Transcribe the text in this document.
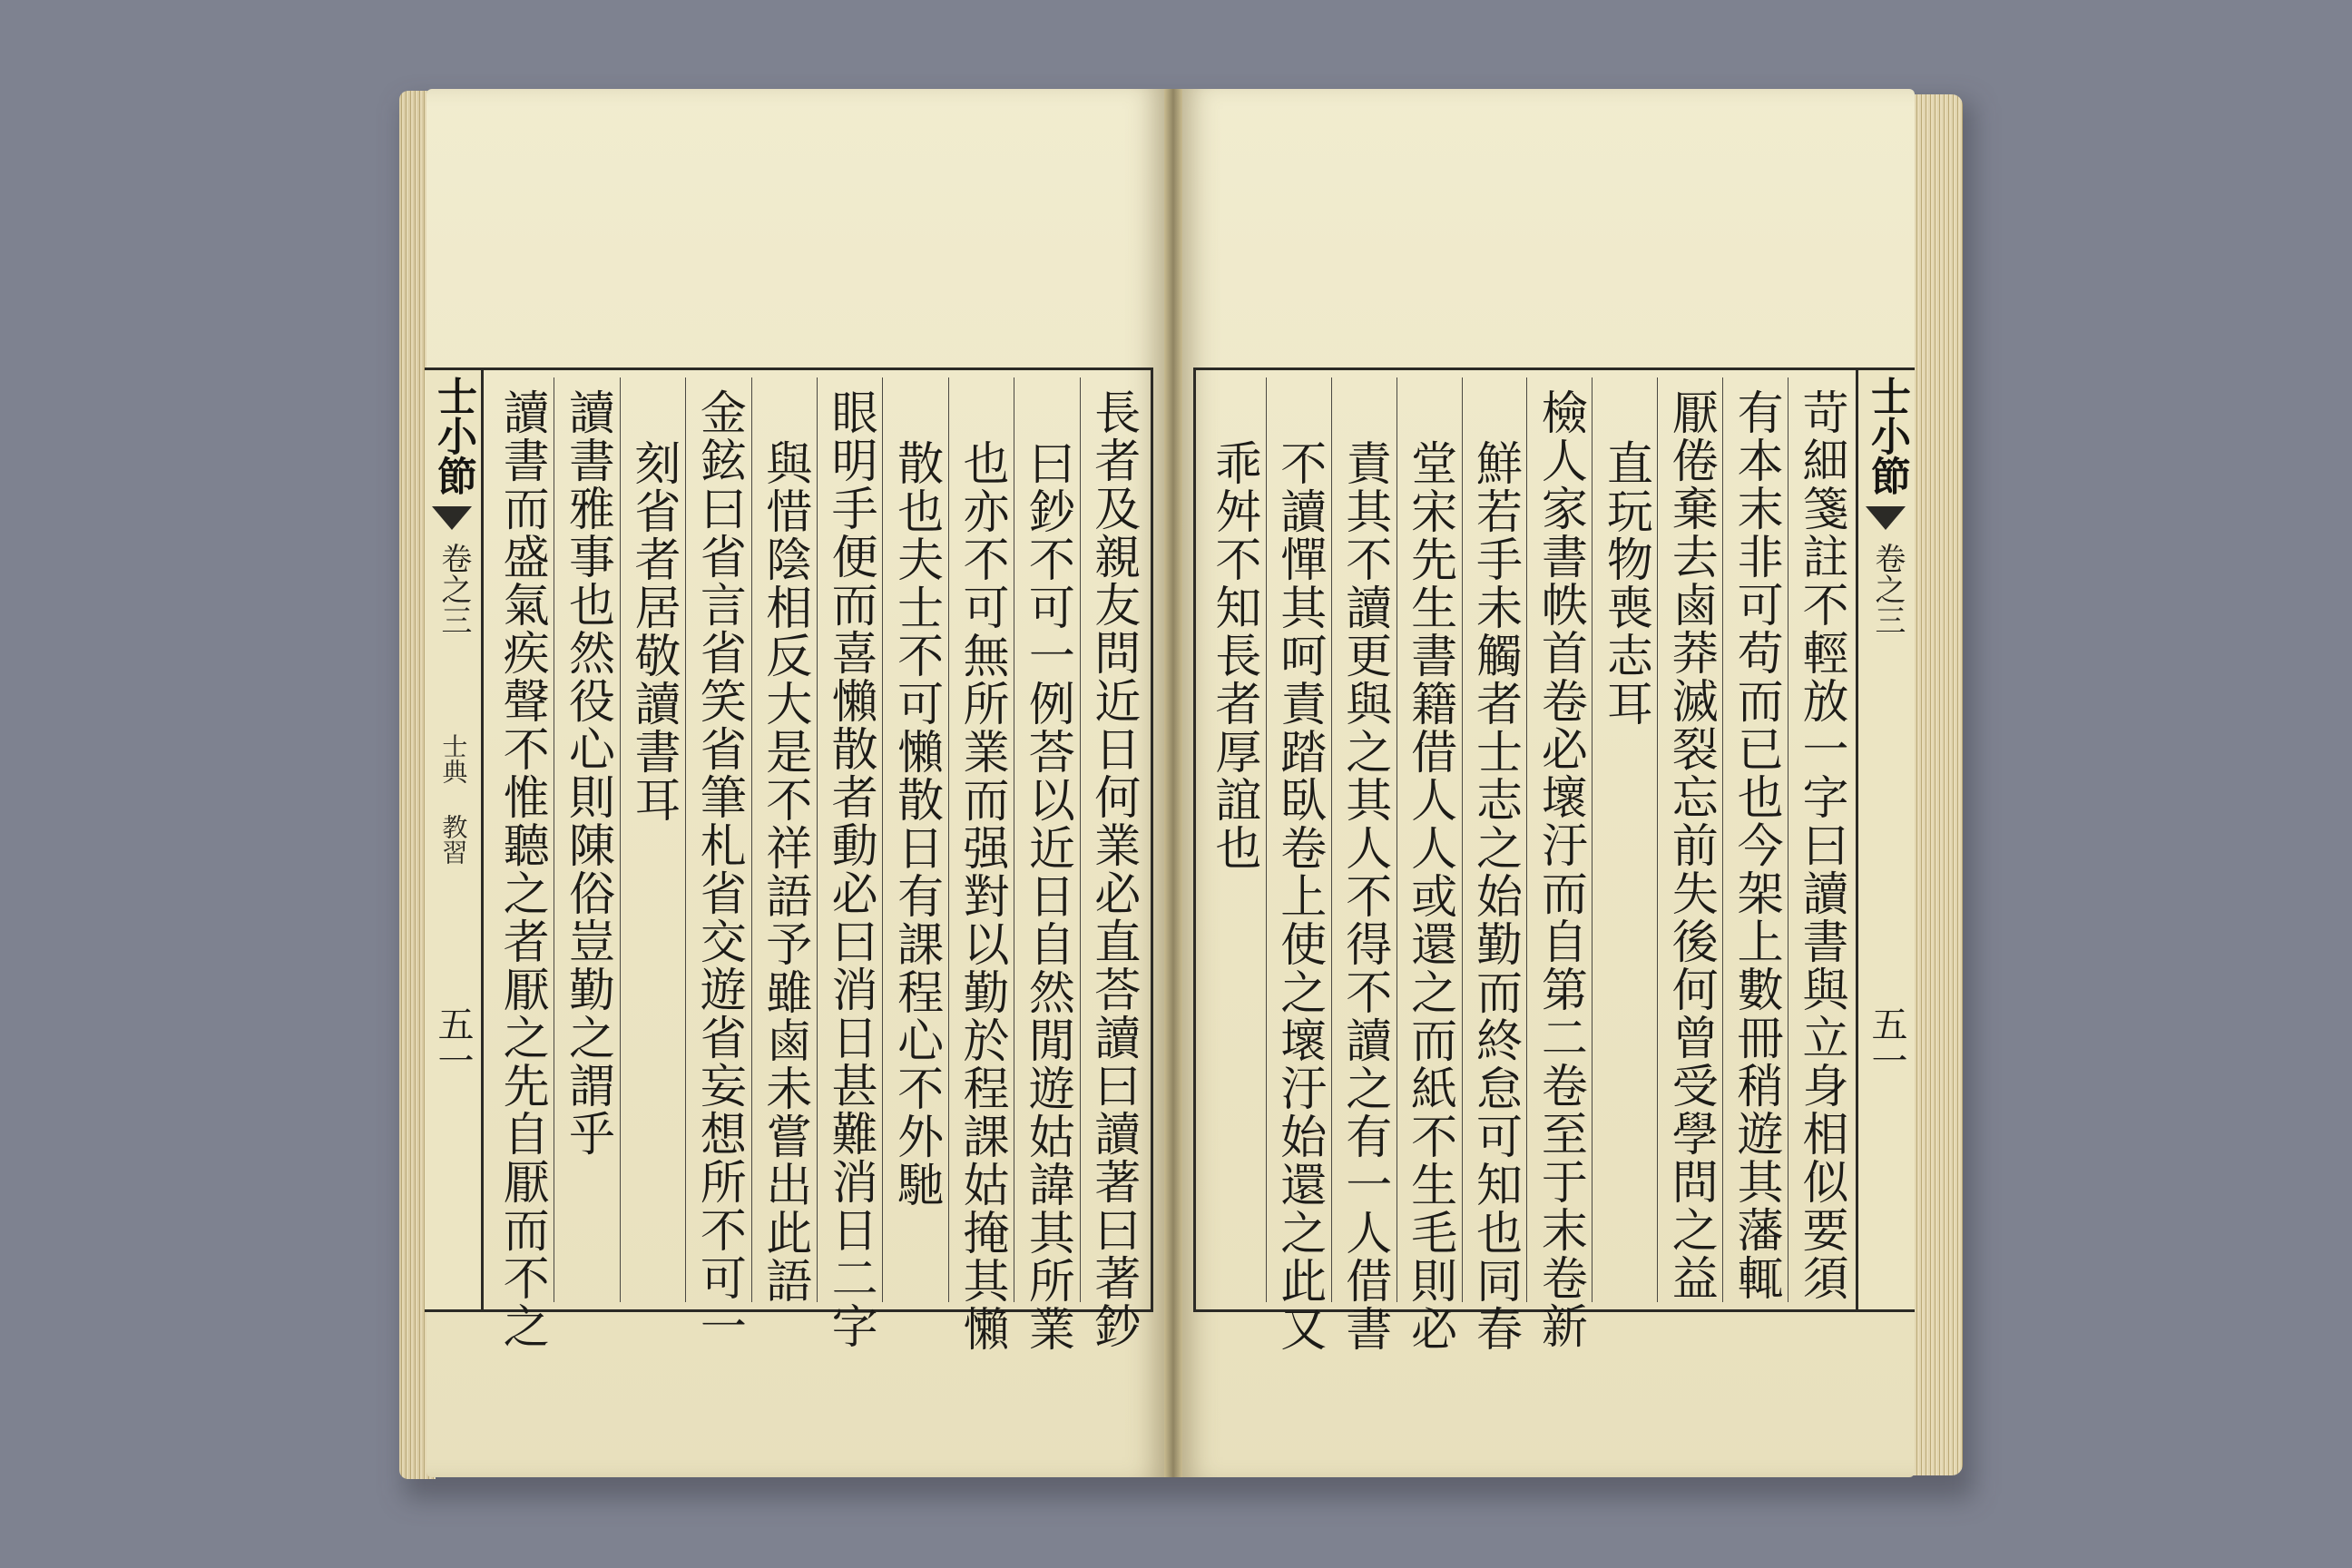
士小節
卷之三
士典 教習
五一	長者及親友問近日何業必直荅讀曰讀著曰著鈔
曰鈔不可一例荅以近日自然閒遊姑諱其所業
也亦不可無所業而强對以勤於程課姑掩其懶
散也夫士不可懶散日有課程心不外馳
眼明手便而喜懶散者動必曰消日甚難消日二字
與惜陰相反大是不祥語予雖鹵未嘗出此語
金鉉曰省言省笑省筆札省交遊省妄想所不可一
刻省者居敬讀書耳
讀書雅事也然役心則陳俗豈勤之謂乎
讀書而盛氣疾聲不惟聽之者厭之先自厭而不之	苛細箋註不輕放一字曰讀書與立身相似要須
有本末非可苟而已也今架上數冊稍遊其藩輒
厭倦棄去鹵莽滅裂忘前失後何曾受學問之益
直玩物喪志耳
檢人家書帙首卷必壞汙而自第二卷至于末卷新
鮮若手未觸者士志之始勤而終怠可知也同春
堂宋先生書籍借人人或還之而紙不生毛則必
責其不讀更與之其人不得不讀之有一人借書
不讀憚其呵責踏臥卷上使之壞汙始還之此又
乖舛不知長者厚誼也
士小節
卷之三
五一
